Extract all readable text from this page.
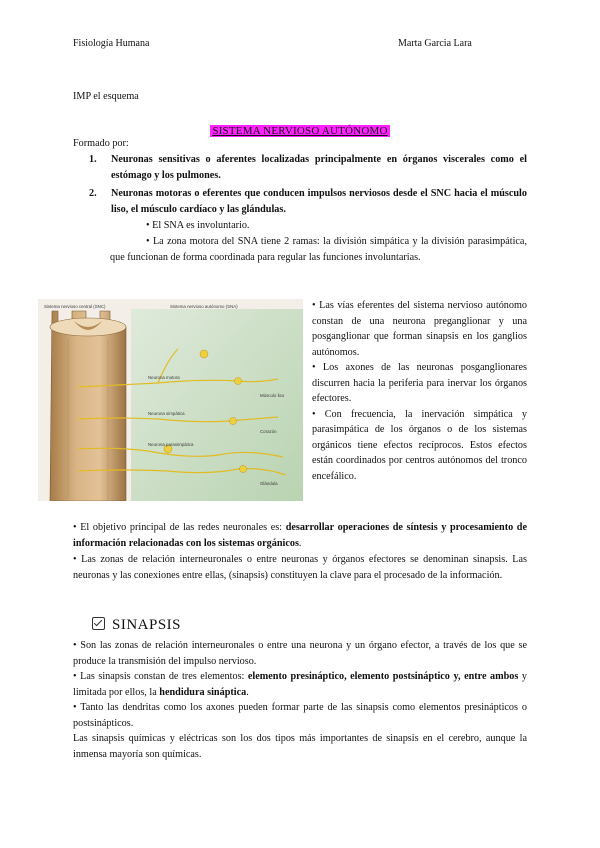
Fisiología Humana	Marta Garcia Lara
IMP el esquema
SISTEMA NERVIOSO AUTÓNOMO
Formado por:
1. Neuronas sensitivas o aferentes localizadas principalmente en órganos viscerales como el estómago y los pulmones.
2. Neuronas motoras o eferentes que conducen impulsos nerviosos desde el SNC hacia el músculo liso, el músculo cardíaco y las glándulas.
• El SNA es involuntario.
• La zona motora del SNA tiene 2 ramas: la división simpática y la división parasimpática, que funcionan de forma coordinada para regular las funciones involuntarias.
Sistema nervioso central (SNC)	Sistema nervioso autónomo (SNA)
Neurona motora
Neurona simpática
Neurona parasimpática
Músculo liso
Corazón
Glándula
• Las vías eferentes del sistema nervioso autónomo constan de una neurona preganglionar y una posganglionar que forman sinapsis en los ganglios autónomos.
• Los axones de las neuronas posganglionares discurren hacia la periferia para inervar los órganos efectores.
• Con frecuencia, la inervación simpática y parasimpática de los órganos o de los sistemas orgánicos tiene efectos recíprocos. Estos efectos están coordinados por centros autónomos del tronco encefálico.
• El objetivo principal de las redes neuronales es: desarrollar operaciones de síntesis y procesamiento de información relacionadas con los sistemas orgánicos.
• Las zonas de relación interneuronales o entre neuronas y órganos efectores se denominan sinapsis. Las neuronas y las conexiones entre ellas, (sinapsis) constituyen la clave para el procesado de la información.
SINAPSIS
• Son las zonas de relación interneuronales o entre una neurona y un órgano efector, a través de los que se produce la transmisión del impulso nervioso.
• Las sinapsis constan de tres elementos: elemento presináptico, elemento postsináptico y, entre ambos y limitada por ellos, la hendidura sináptica.
• Tanto las dendritas como los axones pueden formar parte de las sinapsis como elementos presinápticos o postsinápticos.
Las sinapsis químicas y eléctricas son los dos tipos más importantes de sinapsis en el cerebro, aunque la inmensa mayoría son químicas.
